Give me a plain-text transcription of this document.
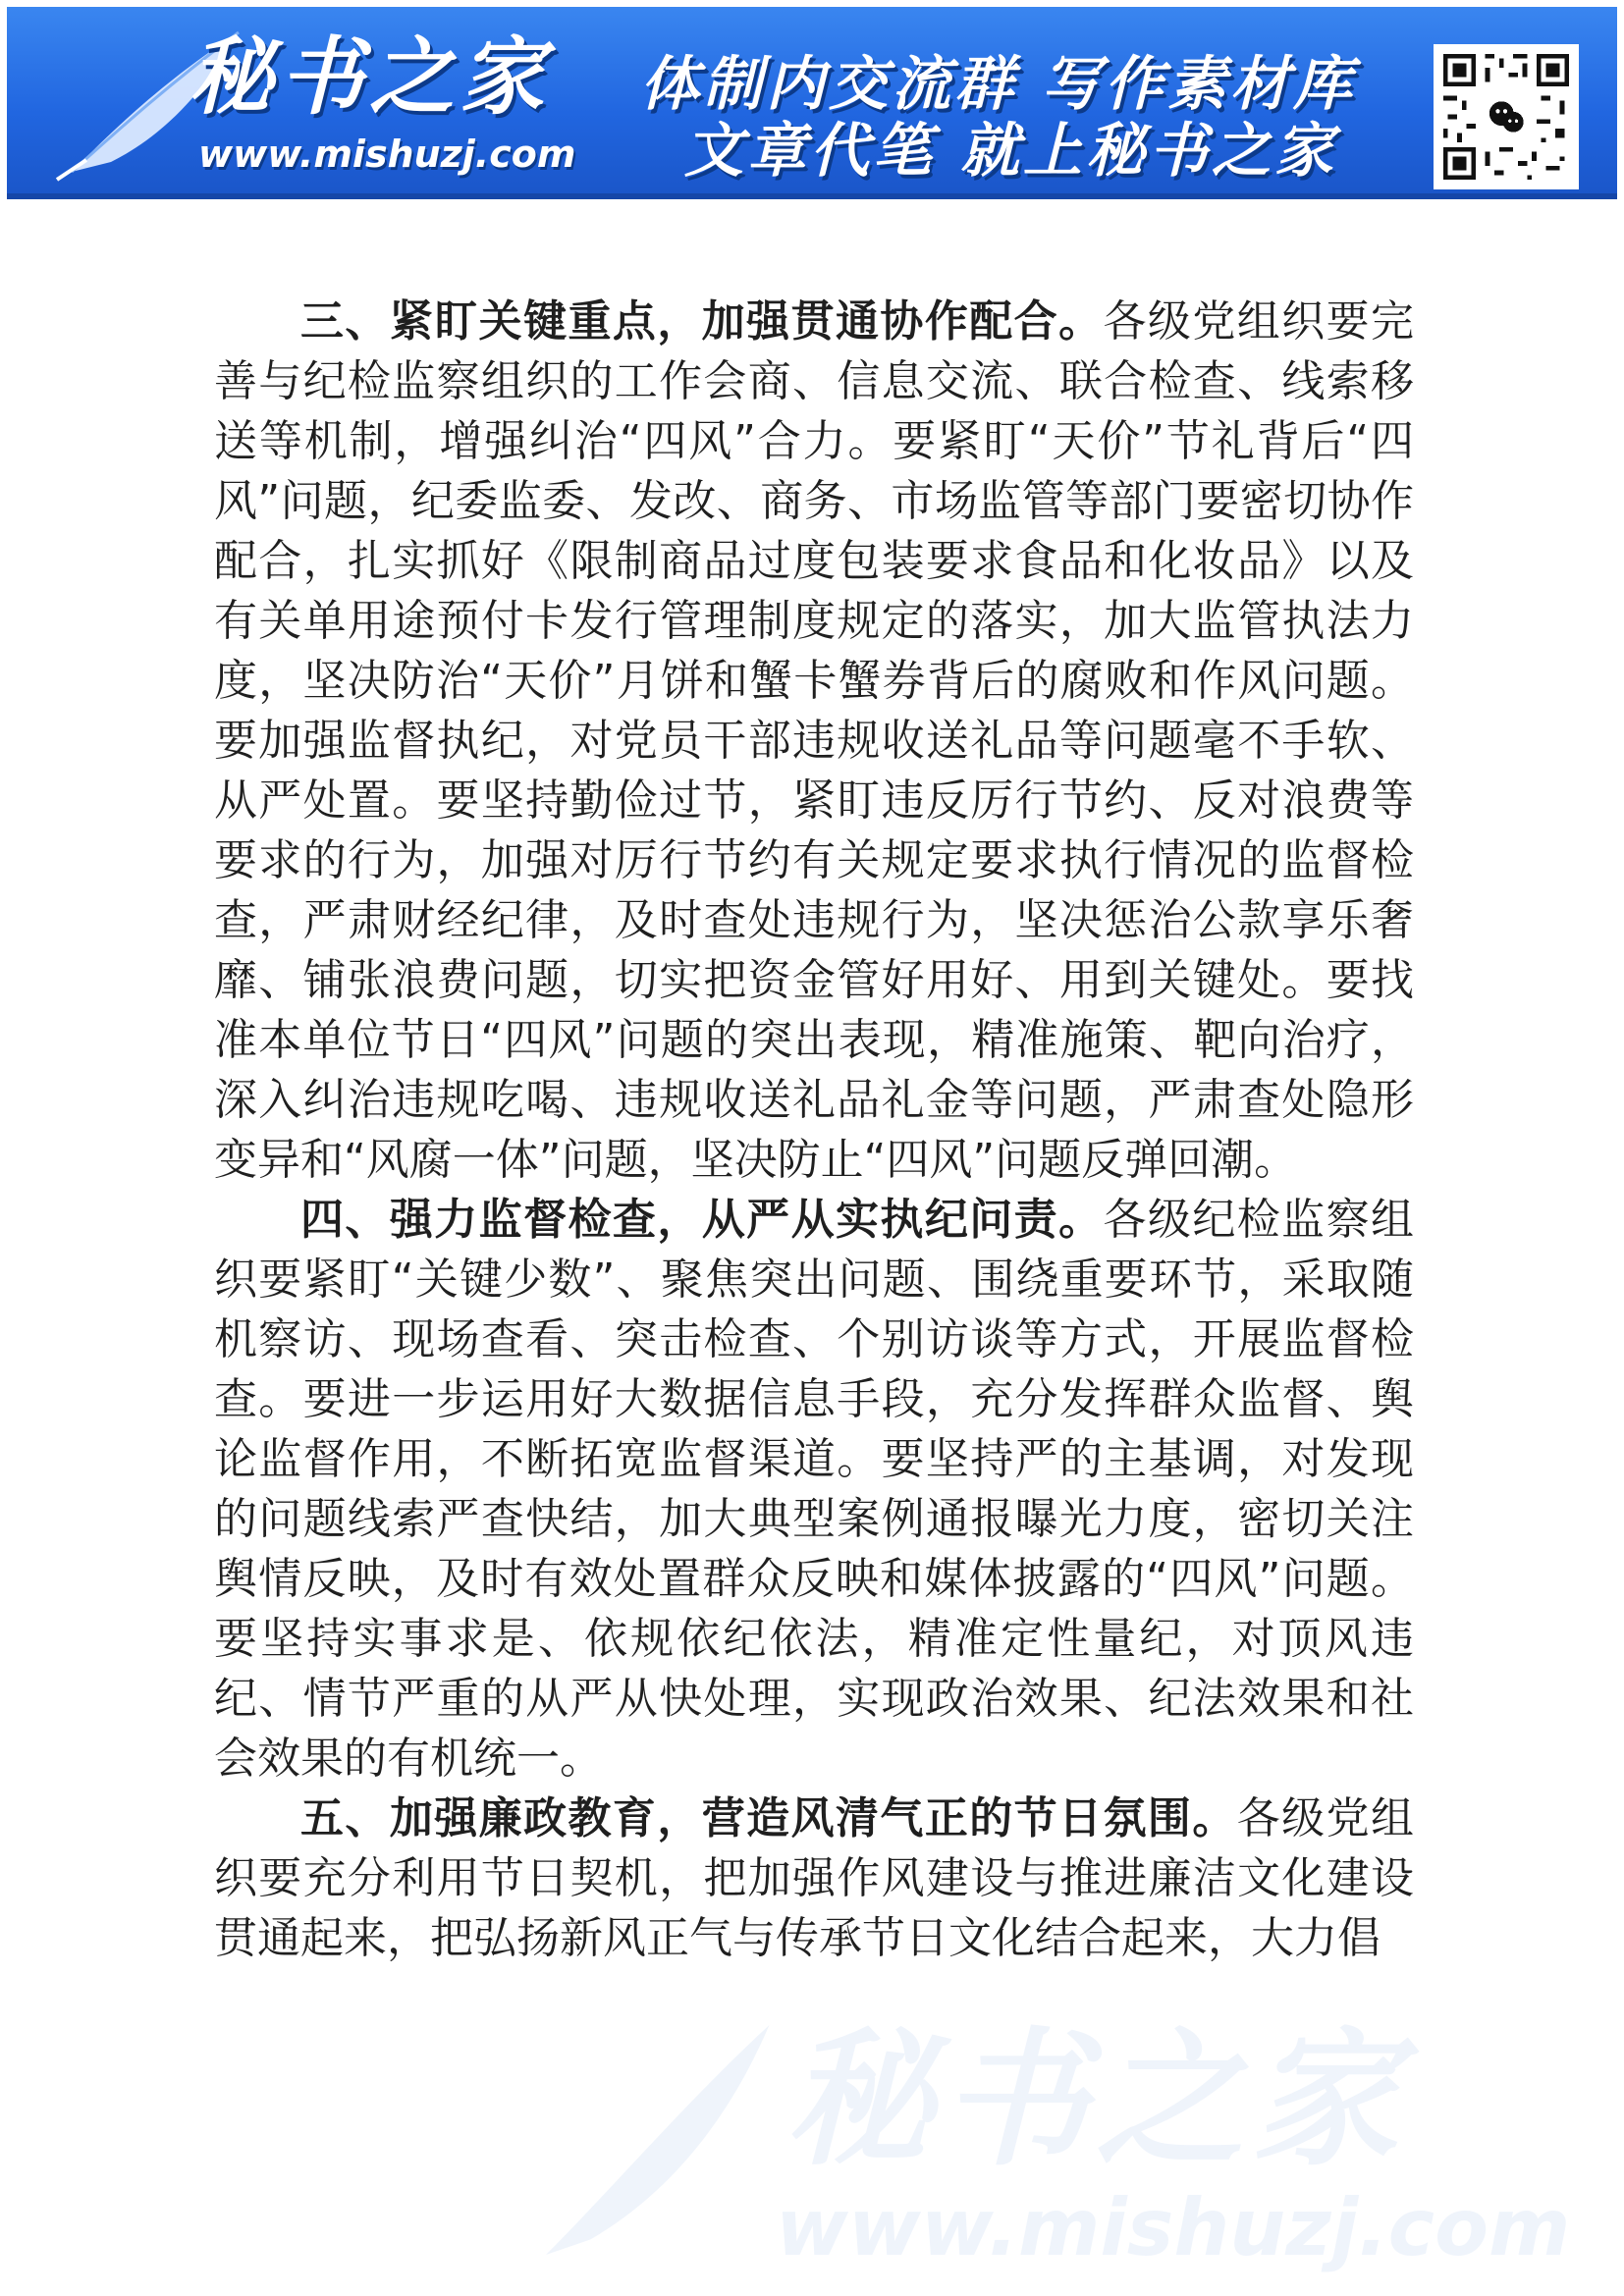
秘书之家
www.mishuzj.com
体制内交流群 写作素材库
文章代笔 就上秘书之家

三、紧盯关键重点，加强贯通协作配合。各级党组织要完善与纪检监察组织的工作会商、信息交流、联合检查、线索移送等机制，增强纠治“四风”合力。要紧盯“天价”节礼背后“四风”问题，纪委监委、发改、商务、市场监管等部门要密切协作配合，扎实抓好《限制商品过度包装要求食品和化妆品》以及有关单用途预付卡发行管理制度规定的落实，加大监管执法力度，坚决防治“天价”月饼和蟹卡蟹券背后的腐败和作风问题。要加强监督执纪，对党员干部违规收送礼品等问题毫不手软、从严处置。要坚持勤俭过节，紧盯违反厉行节约、反对浪费等要求的行为，加强对厉行节约有关规定要求执行情况的监督检查，严肃财经纪律，及时查处违规行为，坚决惩治公款享乐奢靡、铺张浪费问题，切实把资金管好用好、用到关键处。要找准本单位节日“四风”问题的突出表现，精准施策、靶向治疗，深入纠治违规吃喝、违规收送礼品礼金等问题，严肃查处隐形变异和“风腐一体”问题，坚决防止“四风”问题反弹回潮。

四、强力监督检查，从严从实执纪问责。各级纪检监察组织要紧盯“关键少数”、聚焦突出问题、围绕重要环节，采取随机察访、现场查看、突击检查、个别访谈等方式，开展监督检查。要进一步运用好大数据信息手段，充分发挥群众监督、舆论监督作用，不断拓宽监督渠道。要坚持严的主基调，对发现的问题线索严查快结，加大典型案例通报曝光力度，密切关注舆情反映，及时有效处置群众反映和媒体披露的“四风”问题。要坚持实事求是、依规依纪依法，精准定性量纪，对顶风违纪、情节严重的从严从快处理，实现政治效果、纪法效果和社会效果的有机统一。

五、加强廉政教育，营造风清气正的节日氛围。各级党组织要充分利用节日契机，把加强作风建设与推进廉洁文化建设贯通起来，把弘扬新风正气与传承节日文化结合起来，大力倡

秘书之家
www.mishuzj.com
